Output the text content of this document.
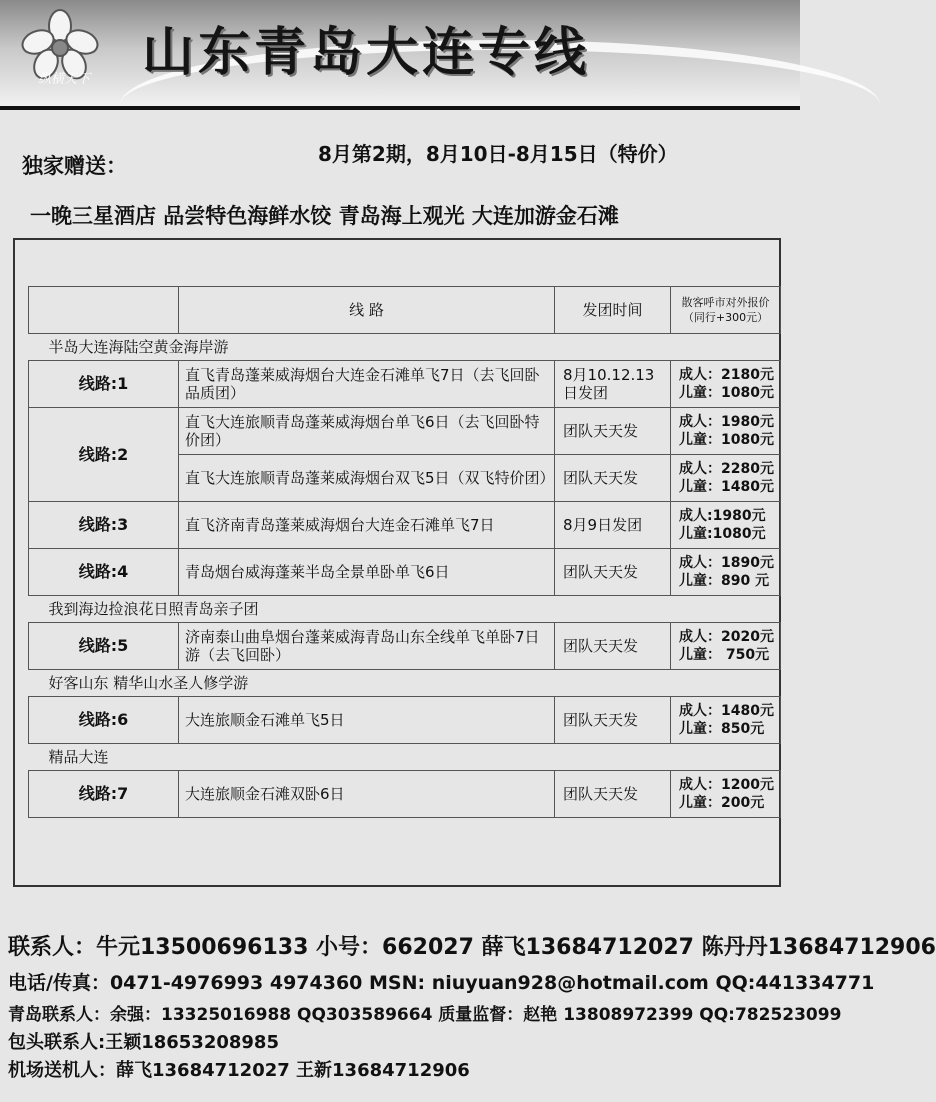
纵横天下	山东青岛大连专线
独家赠送：	8月第2期，8月10日-8月15日（特价）
一晚三星酒店 品尝特色海鲜水饺 青岛海上观光 大连加游金石滩
	线 路	发团时间	散客呼市对外报价（同行+300元）
半岛大连海陆空黄金海岸游			
线路:1	直飞青岛蓬莱威海烟台大连金石滩单飞7日（去飞回卧品质团）	8月10.12.13日发团	成人：2180元
儿童：1080元

线路:2	直飞大连旅顺青岛蓬莱威海烟台单飞6日（去飞回卧特价团）	团队天天发	成人：1980元
儿童：1080元

	直飞大连旅顺青岛蓬莱威海烟台双飞5日（双飞特价团）	团队天天发	成人：2280元
儿童：1480元

线路:3	直飞济南青岛蓬莱威海烟台大连金石滩单飞7日	8月9日发团	成人:1980元
儿童:1080元

线路:4	青岛烟台威海蓬莱半岛全景单卧单飞6日	团队天天发	成人：1890元
儿童：890 元

我到海边捡浪花日照青岛亲子团			
线路:5	济南泰山曲阜烟台蓬莱威海青岛山东全线单飞单卧7日游（去飞回卧）	团队天天发	成人：2020元
儿童： 750元

好客山东 精华山水圣人修学游			
线路:6	大连旅顺金石滩单飞5日	团队天天发	成人：1480元
儿童：850元

精品大连			
线路:7	大连旅顺金石滩双卧6日	团队天天发	成人：1200元
儿童：200元
联系人：牛元13500696133 小号：662027 薛飞13684712027 陈丹丹13684712906
电话/传真：0471-4976993 4974360 MSN: niuyuan928@hotmail.com QQ:441334771
青岛联系人：余强：13325016988 QQ303589664 质量监督：赵艳 13808972399 QQ:782523099
包头联系人:王颖18653208985
机场送机人：薛飞13684712027 王新13684712906
